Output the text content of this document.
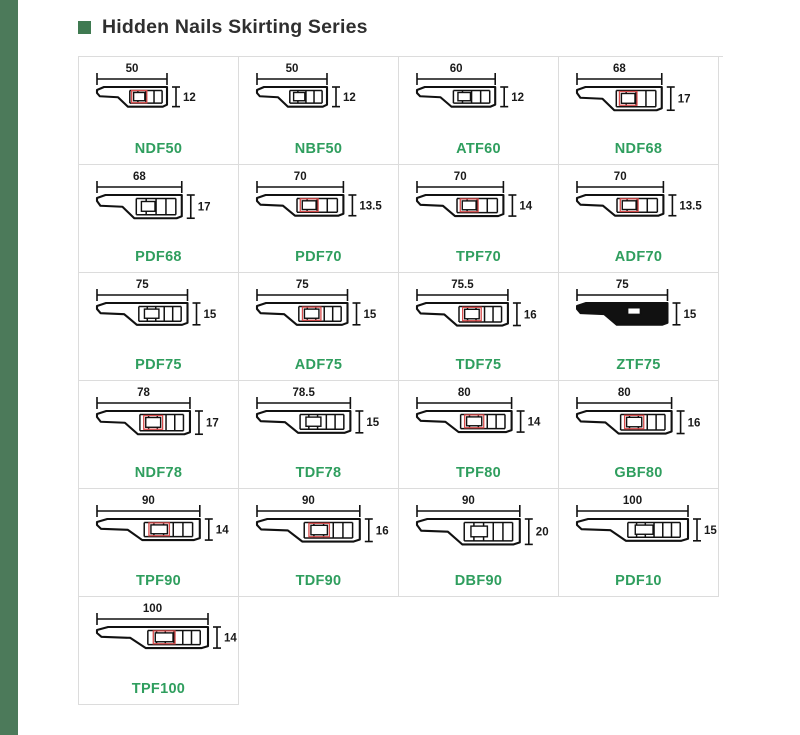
Hidden Nails Skirting Series
50
12
NDF50
50
12
NBF50
60
12
ATF60
68
17
NDF68
68
17
PDF68
70
13.5
PDF70
70
14
TPF70
70
13.5
ADF70
75
15
PDF75
75
15
ADF75
75.5
16
TDF75
75
15
ZTF75
78
17
NDF78
78.5
15
TDF78
80
14
TPF80
80
16
GBF80
90
14
TPF90
90
16
TDF90
90
20
DBF90
100
15
PDF10
100
14
TPF100
